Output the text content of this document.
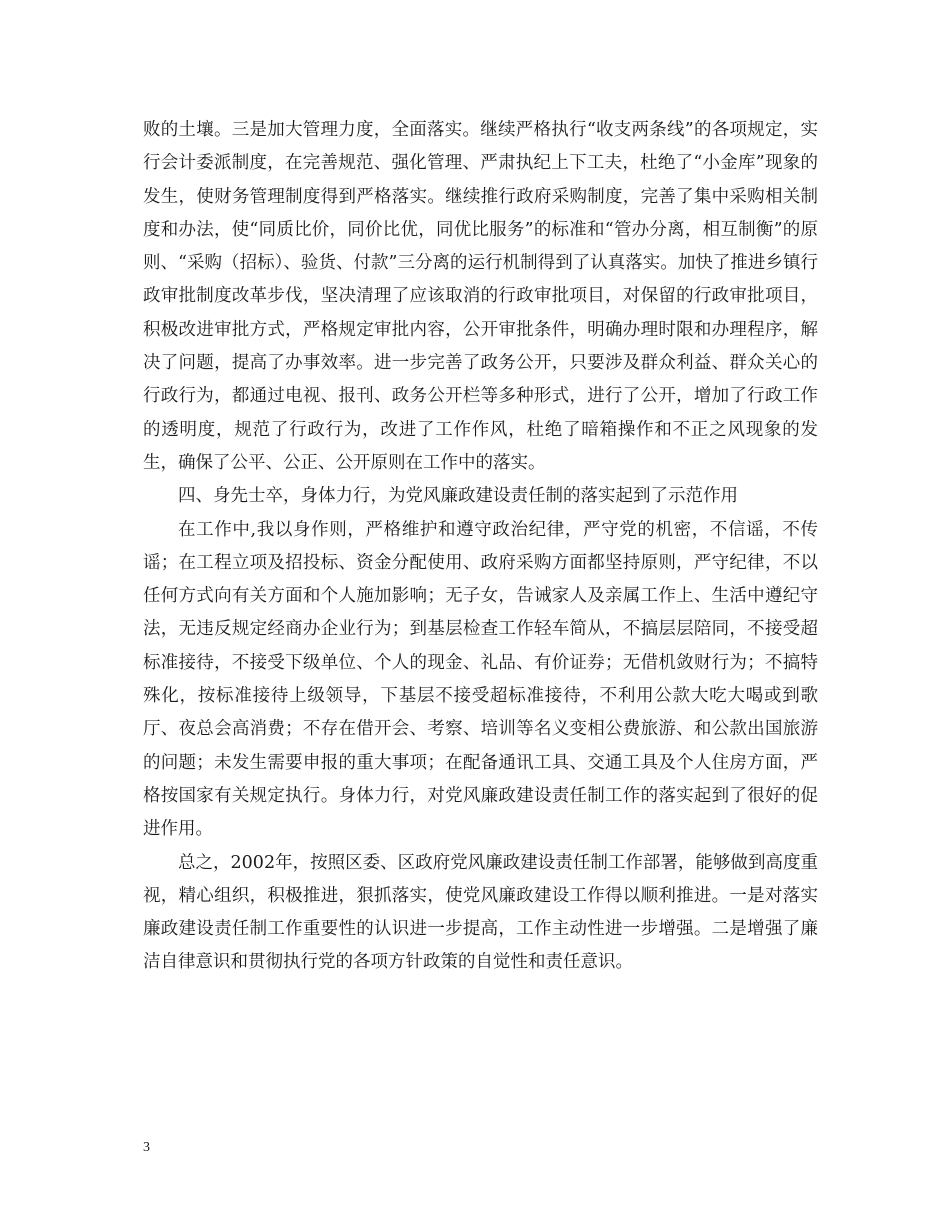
败的土壤。三是加大管理力度，全面落实。继续严格执行“收支两条线”的各项规定，实行会计委派制度，在完善规范、强化管理、严肃执纪上下工夫，杜绝了“小金库”现象的发生，使财务管理制度得到严格落实。继续推行政府采购制度，完善了集中采购相关制度和办法，使“同质比价，同价比优，同优比服务”的标准和“管办分离，相互制衡”的原则、“采购（招标）、验货、付款”三分离的运行机制得到了认真落实。加快了推进乡镇行政审批制度改革步伐，坚决清理了应该取消的行政审批项目，对保留的行政审批项目，积极改进审批方式，严格规定审批内容，公开审批条件，明确办理时限和办理程序，解决了问题，提高了办事效率。进一步完善了政务公开，只要涉及群众利益、群众关心的行政行为，都通过电视、报刊、政务公开栏等多种形式，进行了公开，增加了行政工作的透明度，规范了行政行为，改进了工作作风，杜绝了暗箱操作和不正之风现象的发生，确保了公平、公正、公开原则在工作中的落实。

四、身先士卒，身体力行，为党风廉政建设责任制的落实起到了示范作用

在工作中,我以身作则，严格维护和遵守政治纪律，严守党的机密，不信谣，不传谣；在工程立项及招投标、资金分配使用、政府采购方面都坚持原则，严守纪律，不以任何方式向有关方面和个人施加影响；无子女，告诫家人及亲属工作上、生活中遵纪守法，无违反规定经商办企业行为；到基层检查工作轻车简从，不搞层层陪同，不接受超标准接待，不接受下级单位、个人的现金、礼品、有价证券；无借机敛财行为；不搞特殊化，按标准接待上级领导，下基层不接受超标准接待，不利用公款大吃大喝或到歌厅、夜总会高消费；不存在借开会、考察、培训等名义变相公费旅游、和公款出国旅游的问题；未发生需要申报的重大事项；在配备通讯工具、交通工具及个人住房方面，严格按国家有关规定执行。身体力行，对党风廉政建设责任制工作的落实起到了很好的促进作用。

总之，2002年，按照区委、区政府党风廉政建设责任制工作部署，能够做到高度重视，精心组织，积极推进，狠抓落实，使党风廉政建设工作得以顺利推进。一是对落实廉政建设责任制工作重要性的认识进一步提高，工作主动性进一步增强。二是增强了廉洁自律意识和贯彻执行党的各项方针政策的自觉性和责任意识。

3
